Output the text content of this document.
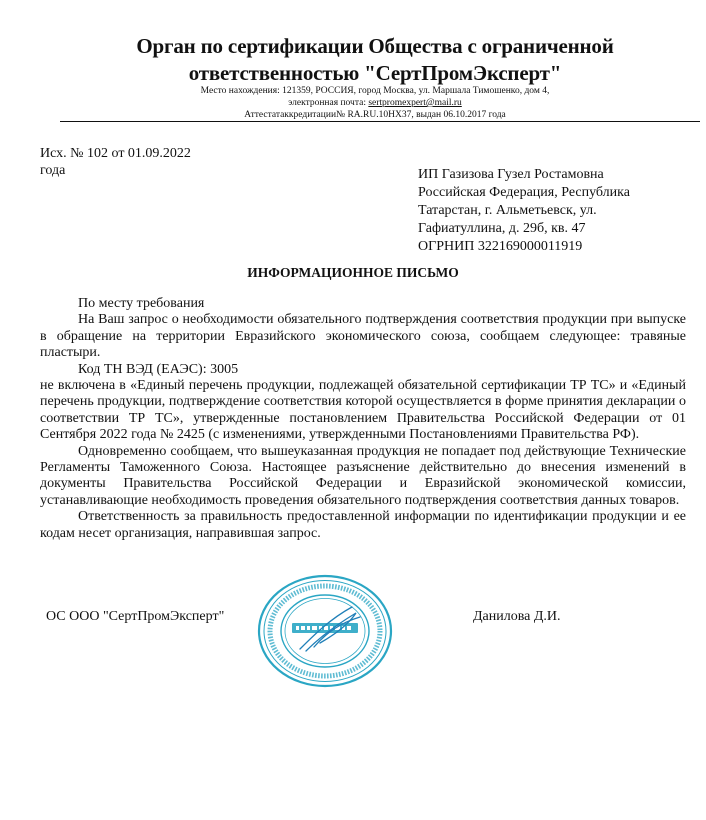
Орган по сертификации Общества с ограниченной
ответственностью "СертПромЭксперт"
Место нахождения: 121359, РОССИЯ, город Москва, ул. Маршала Тимошенко, дом 4,
электронная почта: sertpromexpert@mail.ru
Аттестатаккредитации№ RA.RU.10НХ37, выдан 06.10.2017 года
Исх. № 102 от 01.09.2022
года	ИП Газизова Гузел Ростамовна
Российская Федерация, Республика
Татарстан, г. Альметьевск, ул.
Гафиатуллина, д. 29б, кв. 47
ОГРНИП 322169000011919
ИНФОРМАЦИОННОЕ ПИСЬМО

По месту требования

На Ваш запрос о необходимости обязательного подтверждения соответствия продукции при выпуске в обращение на территории Евразийского экономического союза, сообщаем следующее: травяные пластыри.

Код ТН ВЭД (ЕАЭС): 3005

не включена в «Единый перечень продукции, подлежащей обязательной сертификации ТР ТС» и «Единый перечень продукции, подтверждение соответствия которой осуществляется в форме принятия декларации о соответствии ТР ТС», утвержденные постановлением Правительства Российской Федерации от 01 Сентября 2022 года № 2425 (с изменениями, утвержденными Постановлениями Правительства РФ).

Одновременно сообщаем, что вышеуказанная продукция не попадает под действующие Технические Регламенты Таможенного Союза. Настоящее разъяснение действительно до внесения изменений в документы Правительства Российской Федерации и Евразийской экономической комиссии, устанавливающие необходимость проведения обязательного подтверждения соответствия данных товаров.

Ответственность за правильность предоставленной информации по идентификации продукции и ее кодам несет организация, направившая запрос.

ОС ООО "СертПромЭксперт"	Данилова Д.И.
